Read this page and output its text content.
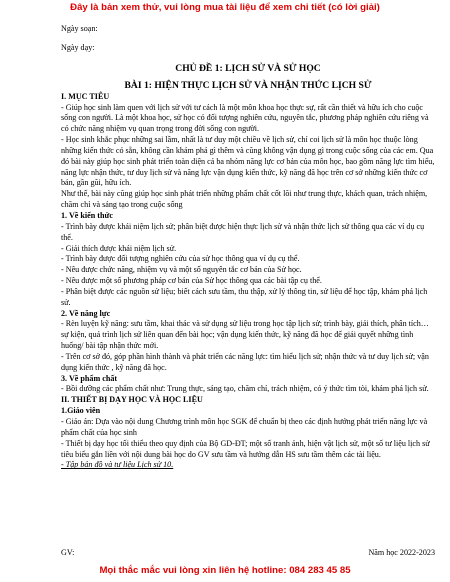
Đây là bản xem thử, vui lòng mua tài liệu để xem chi tiết (có lời giải)

Ngày soạn:

Ngày dạy:

CHỦ ĐỀ 1: LỊCH SỬ VÀ SỬ HỌC

BÀI 1: HIỆN THỰC LỊCH SỬ VÀ NHẬN THỨC LỊCH SỬ

I. MỤC TIÊU

- Giúp học sinh làm quen với lịch sử với tư cách là một môn khoa học thực sự, rất cần thiết và hữu ích cho cuộc sống con người. Là một khoa học, sử học có đối tượng nghiên cứu, nguyên tắc, phương pháp nghiên cứu riêng và có chức năng nhiệm vụ quan trọng trong đời sống con người.

- Học sinh khắc phục những sai lầm, nhất là tư duy một chiều về lịch sử, chỉ coi lịch sử là môn học thuộc lòng những kiến thức có sẵn, không cần khám phá gì thêm và cũng không vận dụng gì trong cuộc sống của các em. Qua đó bài này giúp học sinh phát triển toàn diện cả ba nhóm năng lực cơ bản của môn học, bao gồm năng lực tìm hiểu, năng lực nhận thức, tư duy lịch sử và năng lực vận dụng kiến thức, kỹ năng đã học trên cơ sở những kiến thức cơ bản, gần gũi, hữu ích.

Như thế, bài này cũng giúp học sinh phát triển những phẩm chất cốt lõi như trung thực, khách quan, trách nhiệm, chăm chỉ và sáng tạo trong cuộc sống

1. Về kiến thức

- Trình bày được khái niệm lịch sử; phân biệt được hiện thực lịch sử và nhận thức lịch sử thông qua các ví dụ cụ thể.

- Giải thích được khái niệm lịch sử.

- Trình bày được đối tượng nghiên cứu của sử học thông qua ví dụ cụ thể.

- Nêu được chức năng, nhiệm vụ và một số nguyên tắc cơ bản của Sử học.

- Nêu được một số phương pháp cơ bản của Sử học thông qua các bài tập cụ thể.

- Phân biệt được các nguồn sử liệu; biết cách sưu tầm, thu thập, xử lý thông tin, sử liệu để học tập, khám phá lịch sử.

2. Về năng lực

- Rèn luyện kỹ năng: sưu tầm, khai thác và sử dụng sử liệu trong học tập lịch sử; trình bày, giải thích, phân tích… sự kiện, quá trình lịch sử liên quan đến bài học; vận dụng kiến thức, kỹ năng đã học để giải quyết những tình huống/ bài tập nhận thức mới.

- Trên cơ sở đó, góp phần hình thành và phát triển các năng lực: tìm hiểu lịch sử; nhận thức và tư duy lịch sử; vận dụng kiến thức , kỹ năng đã học.

3. Về phẩm chất

- Bồi dưỡng các phẩm chất như: Trung thực, sáng tạo, chăm chỉ, trách nhiệm, có ý thức tìm tòi, khám phá lịch sử.

II. THIẾT BỊ DẠY HỌC VÀ HỌC LIỆU

1.Giáo viên

- Giáo án: Dựa vào nội dung Chương trình môn học SGK để chuẩn bị theo các định hướng phát triển năng lực và phẩm chất của học sinh

- Thiết bị dạy học tối thiểu theo quy định của Bộ GD-ĐT; một số tranh ảnh, hiện vật lịch sử, một số tư liệu lịch sử tiêu biểu gắn liền với nội dung bài học do GV sưu tầm và hướng dẫn HS sưu tầm thêm các tài liệu.

- Tập bản đồ và tư liệu Lịch sử 10.

GV:	Năm học 2022-2023
Mọi thắc mắc vui lòng xin liên hệ hotline: 084 283 45 85
